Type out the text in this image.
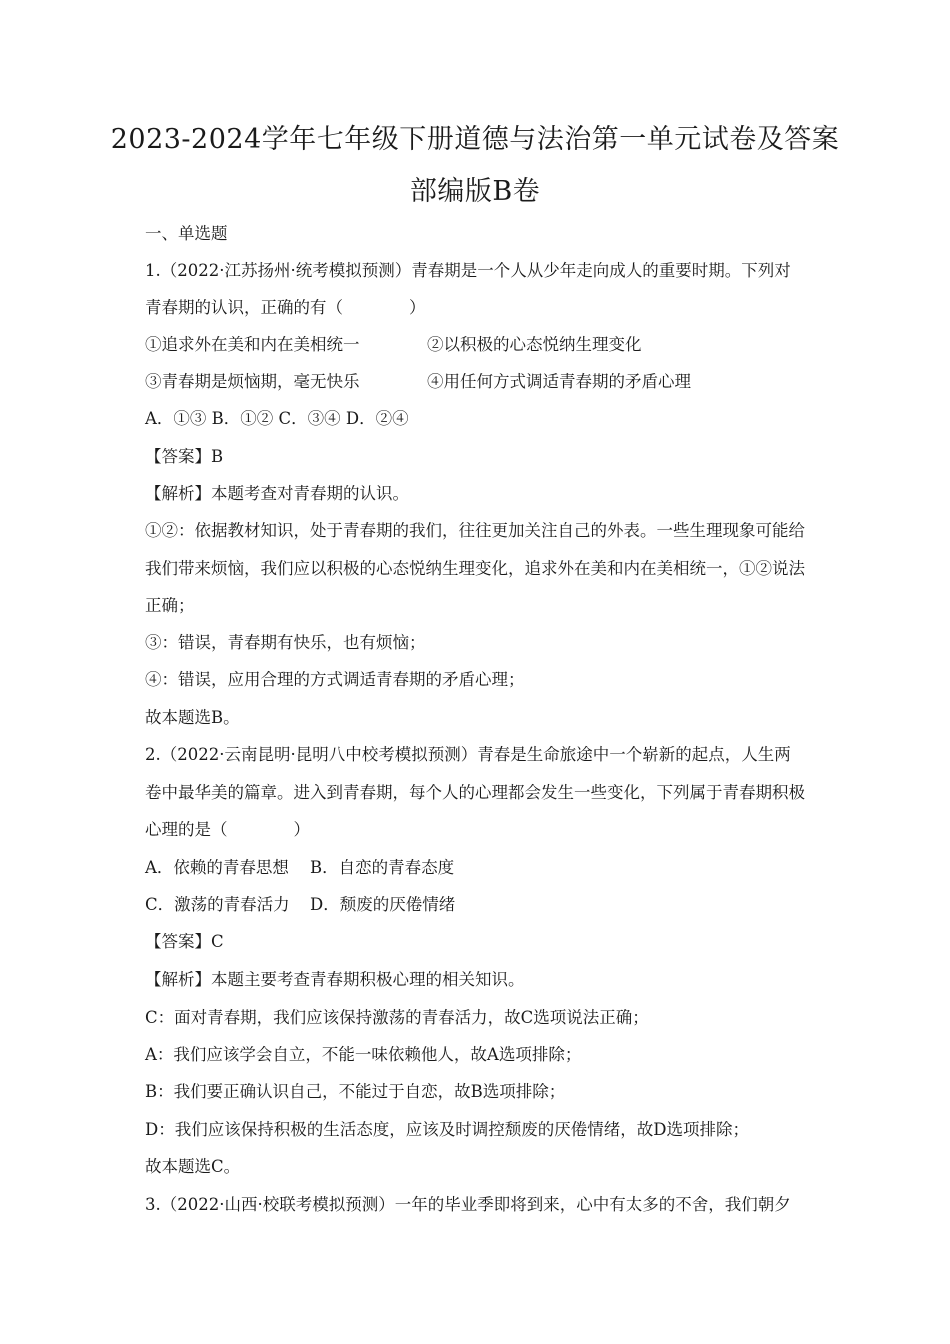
2023-2024学年七年级下册道德与法治第一单元试卷及答案
部编版B卷
一、单选题
1.（2022·江苏扬州·统考模拟预测）青春期是一个人从少年走向成人的重要时期。下列对
青春期的认识，正确的有（　　　　）
①追求外在美和内在美相统一	②以积极的心态悦纳生理变化
③青春期是烦恼期，毫无快乐	④用任何方式调适青春期的矛盾心理
A．①③ B．①② C．③④ D．②④
【答案】B
【解析】本题考查对青春期的认识。
①②：依据教材知识，处于青春期的我们，往往更加关注自己的外表。一些生理现象可能给
我们带来烦恼，我们应以积极的心态悦纳生理变化，追求外在美和内在美相统一，①②说法
正确；
③：错误，青春期有快乐，也有烦恼；
④：错误，应用合理的方式调适青春期的矛盾心理；
故本题选B。
2.（2022·云南昆明·昆明八中校考模拟预测）青春是生命旅途中一个崭新的起点，人生两
卷中最华美的篇章。进入到青春期，每个人的心理都会发生一些变化，下列属于青春期积极
心理的是（　　　　）
A．依赖的青春思想 B．自恋的青春态度
C．激荡的青春活力 D．颓废的厌倦情绪
【答案】C
【解析】本题主要考查青春期积极心理的相关知识。
C：面对青春期，我们应该保持激荡的青春活力，故C选项说法正确；
A：我们应该学会自立，不能一味依赖他人，故A选项排除；
B：我们要正确认识自己，不能过于自恋，故B选项排除；
D：我们应该保持积极的生活态度，应该及时调控颓废的厌倦情绪，故D选项排除；
故本题选C。
3.（2022·山西·校联考模拟预测）一年的毕业季即将到来，心中有太多的不舍，我们朝夕
